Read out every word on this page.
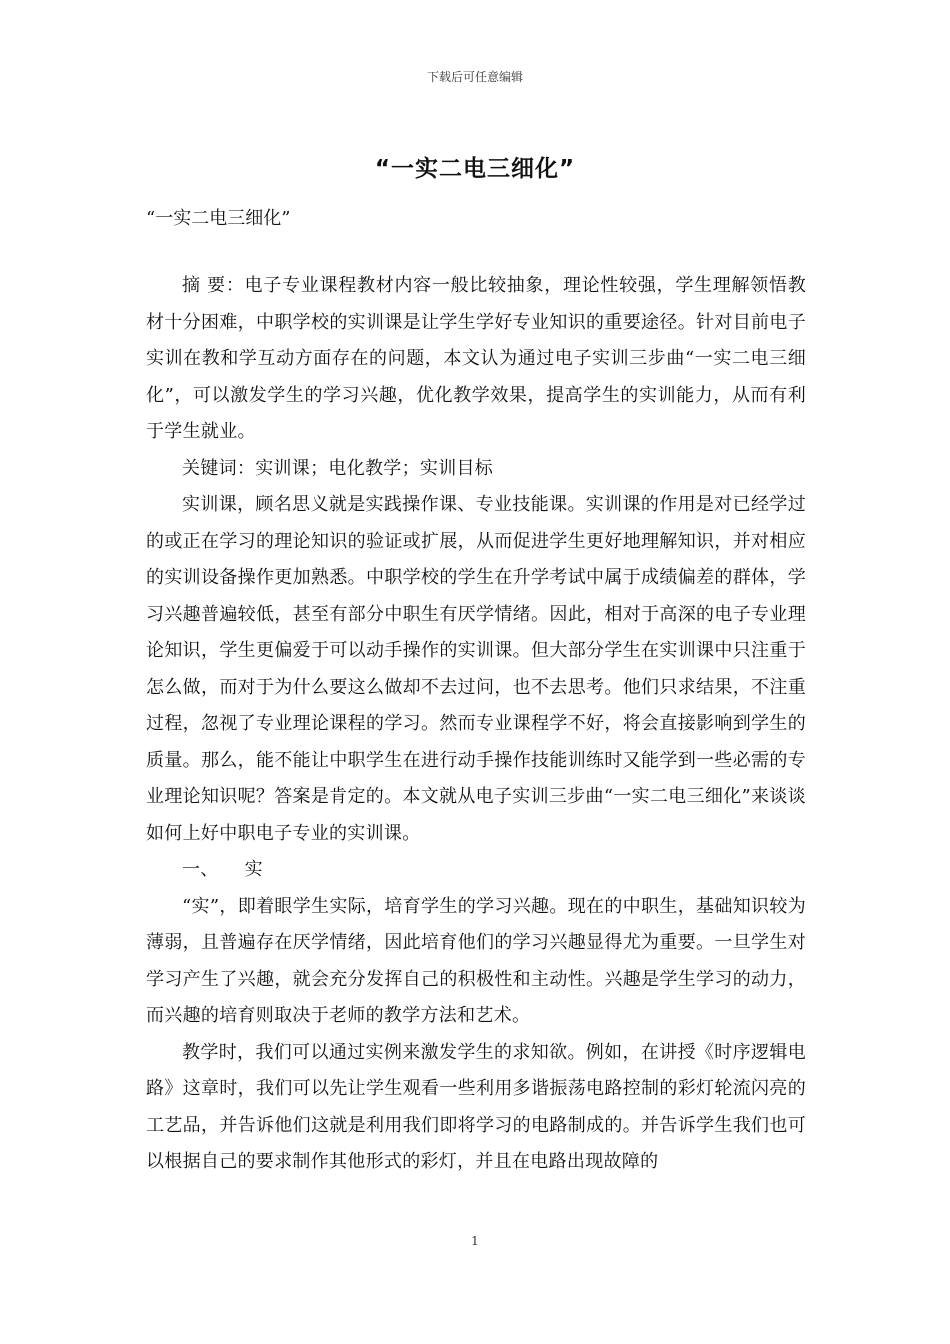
下载后可任意编辑
“一实二电三细化”
“一实二电三细化”

摘 要：电子专业课程教材内容一般比较抽象，理论性较强，学生理解领悟教材十分困难，中职学校的实训课是让学生学好专业知识的重要途径。针对目前电子实训在教和学互动方面存在的问题，本文认为通过电子实训三步曲“一实二电三细化”，可以激发学生的学习兴趣，优化教学效果，提高学生的实训能力，从而有利于学生就业。

关键词：实训课；电化教学；实训目标

实训课，顾名思义就是实践操作课、专业技能课。实训课的作用是对已经学过的或正在学习的理论知识的验证或扩展，从而促进学生更好地理解知识，并对相应的实训设备操作更加熟悉。中职学校的学生在升学考试中属于成绩偏差的群体，学习兴趣普遍较低，甚至有部分中职生有厌学情绪。因此，相对于高深的电子专业理论知识，学生更偏爱于可以动手操作的实训课。但大部分学生在实训课中只注重于怎么做，而对于为什么要这么做却不去过问，也不去思考。他们只求结果，不注重过程，忽视了专业理论课程的学习。然而专业课程学不好，将会直接影响到学生的质量。那么，能不能让中职学生在进行动手操作技能训练时又能学到一些必需的专业理论知识呢？答案是肯定的。本文就从电子实训三步曲“一实二电三细化”来谈谈如何上好中职电子专业的实训课。

一、 实

“实”，即着眼学生实际，培育学生的学习兴趣。现在的中职生，基础知识较为薄弱，且普遍存在厌学情绪，因此培育他们的学习兴趣显得尤为重要。一旦学生对学习产生了兴趣，就会充分发挥自己的积极性和主动性。兴趣是学生学习的动力，而兴趣的培育则取决于老师的教学方法和艺术。

教学时，我们可以通过实例来激发学生的求知欲。例如，在讲授《时序逻辑电路》这章时，我们可以先让学生观看一些利用多谐振荡电路控制的彩灯轮流闪亮的工艺品，并告诉他们这就是利用我们即将学习的电路制成的。并告诉学生我们也可以根据自己的要求制作其他形式的彩灯，并且在电路出现故障的

1
